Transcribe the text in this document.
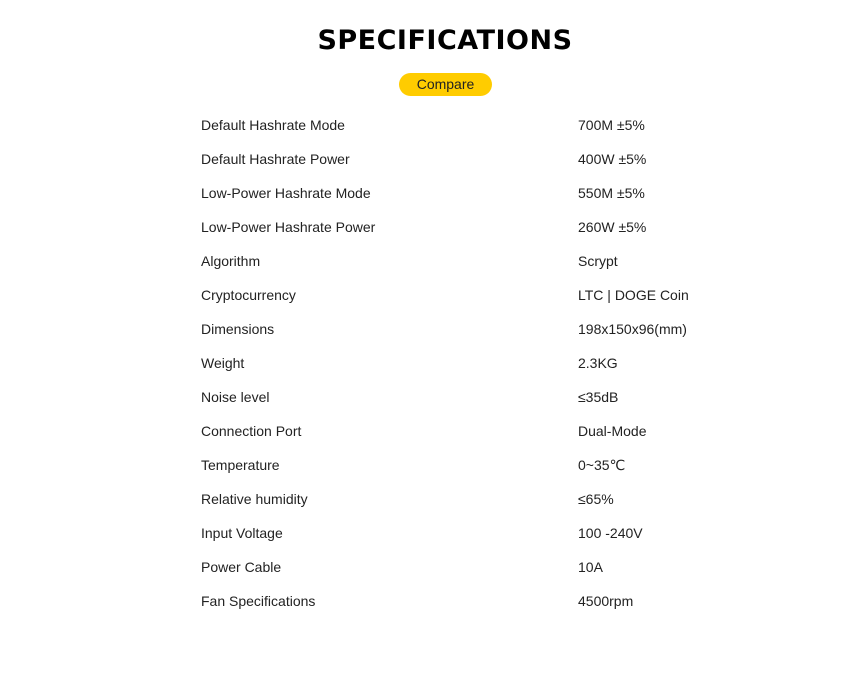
SPECIFICATIONS
Compare
Default Hashrate Mode	700M ±5%
Default Hashrate Power	400W ±5%
Low-Power Hashrate Mode	550M ±5%
Low-Power Hashrate Power	260W ±5%
Algorithm	Scrypt
Cryptocurrency	LTC | DOGE Coin
Dimensions	198x150x96(mm)
Weight	2.3KG
Noise level	≤35dB
Connection Port	Dual-Mode
Temperature	0~35℃
Relative humidity	≤65%
Input Voltage	100 -240V
Power Cable	10A
Fan Specifications	4500rpm
